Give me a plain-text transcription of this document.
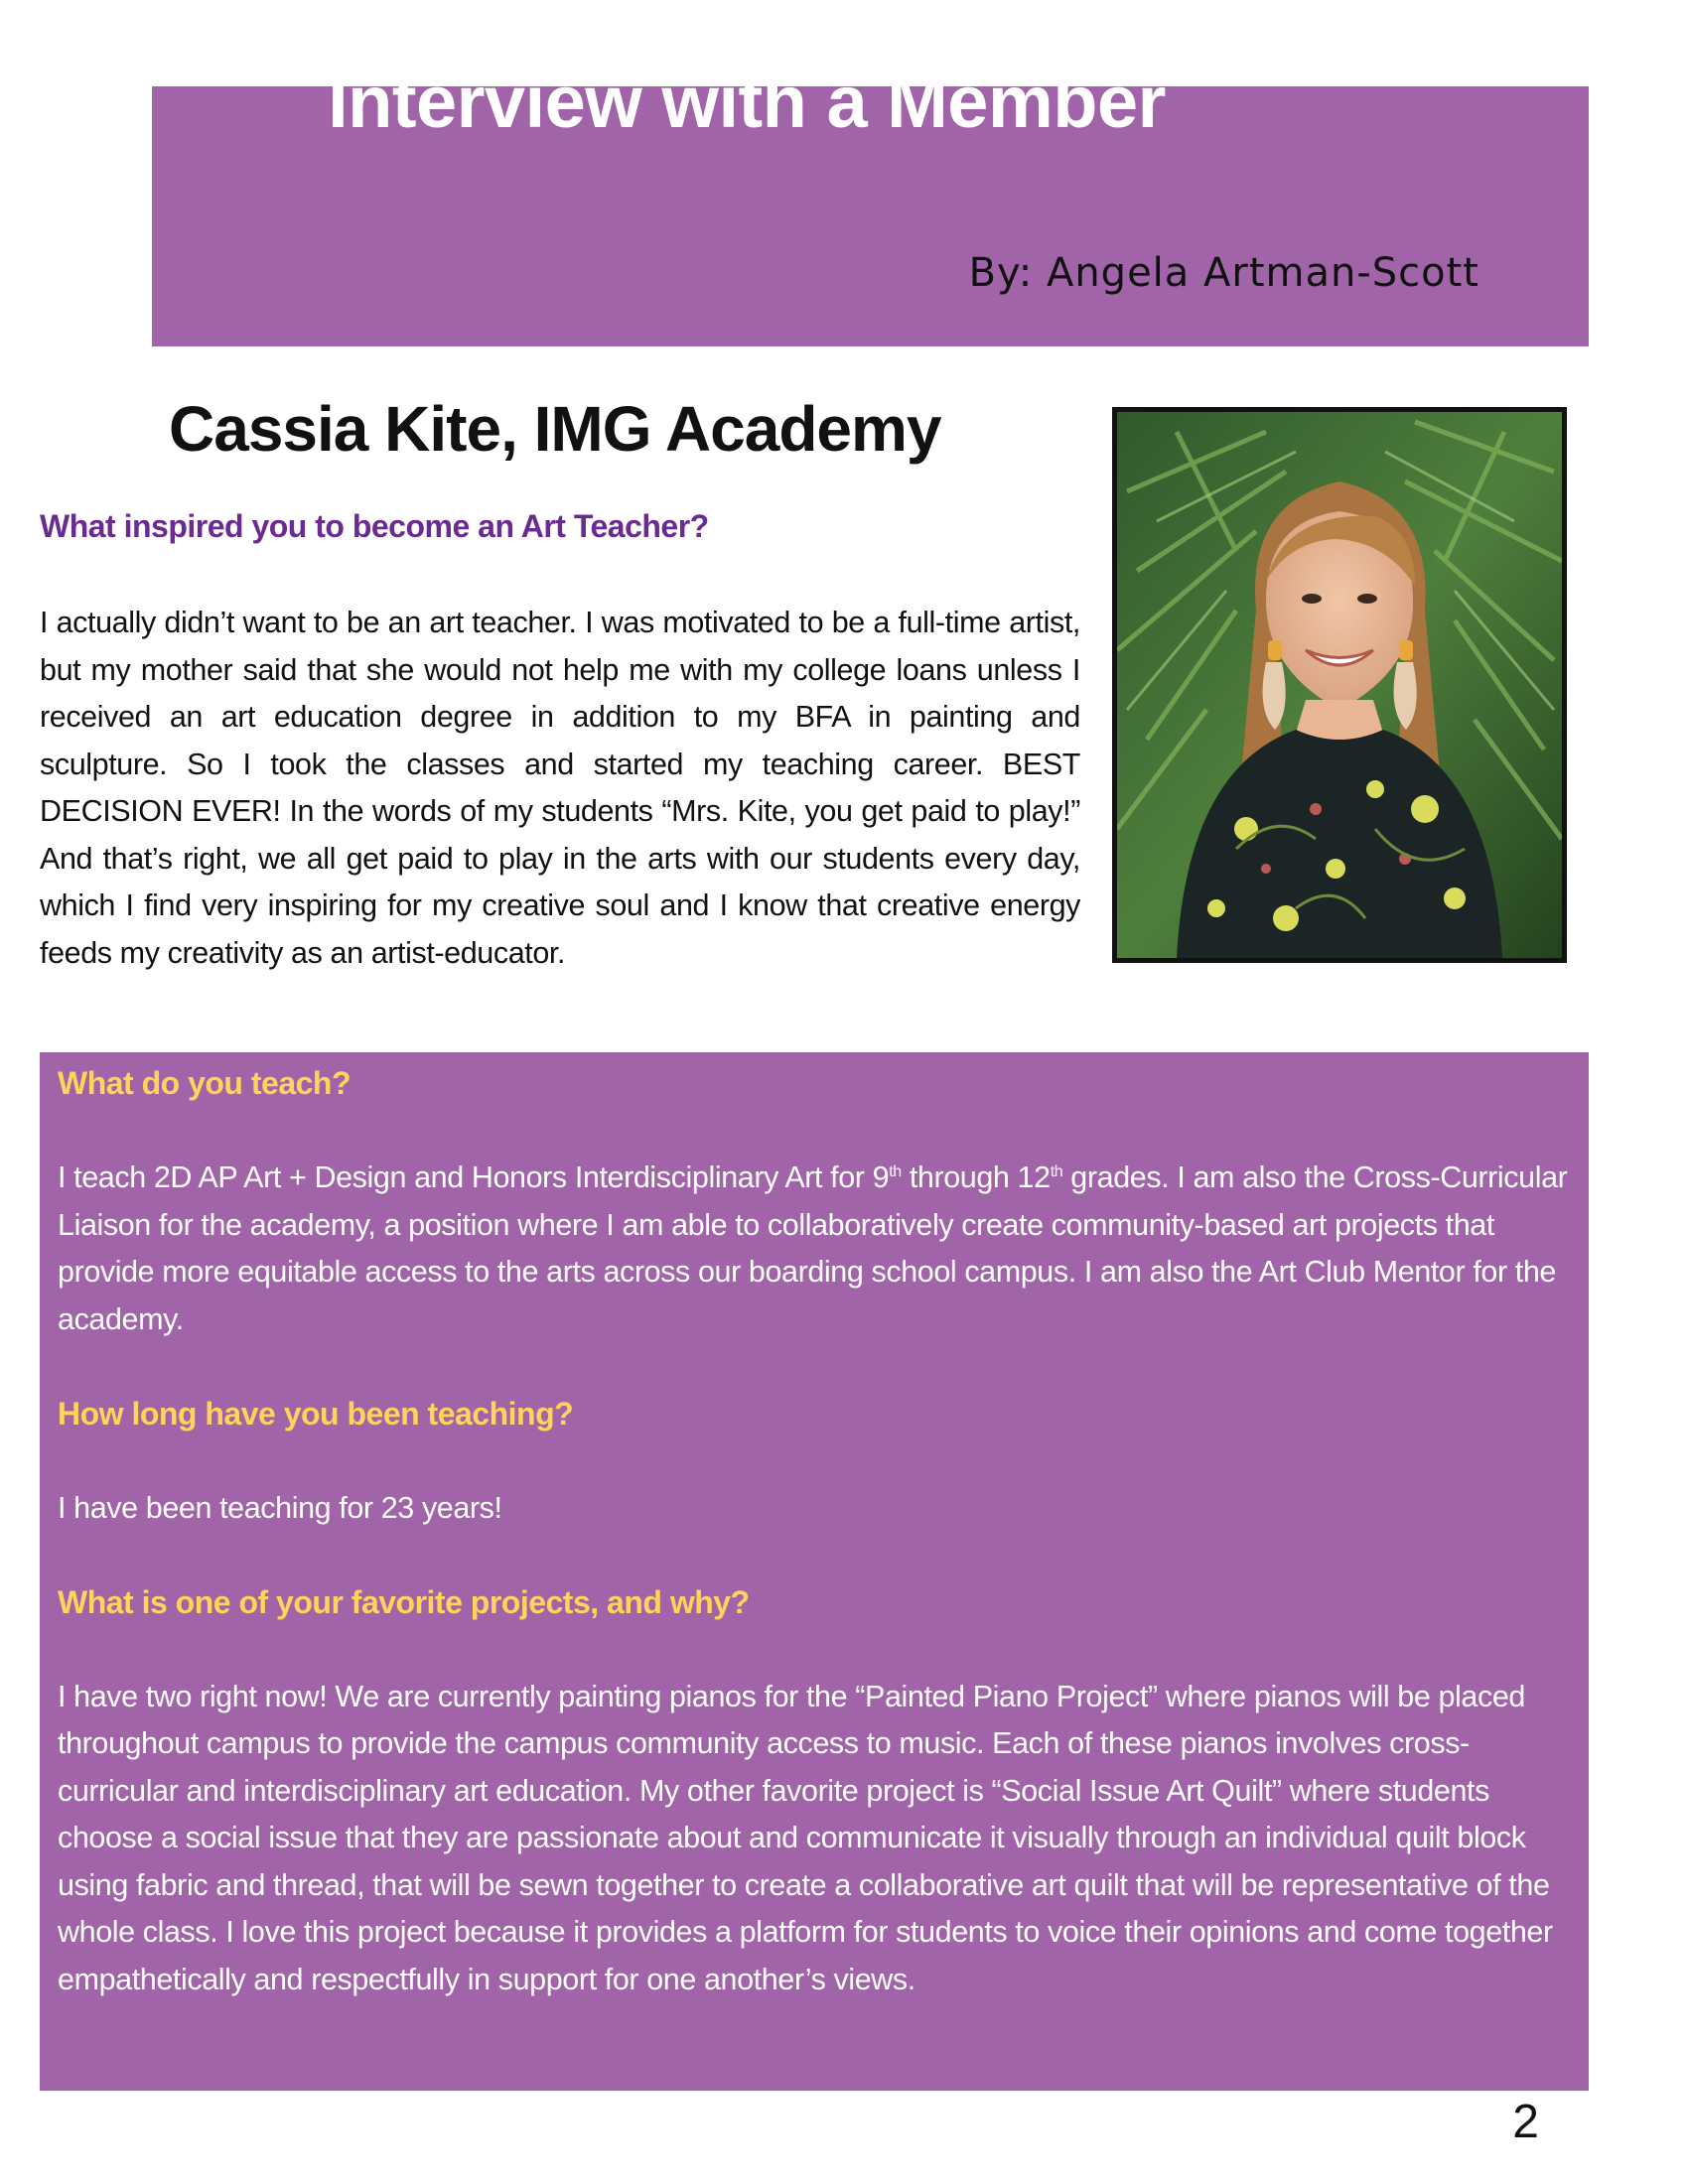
Interview with a Member

By: Angela Artman-Scott

Cassia Kite, IMG Academy

What inspired you to become an Art Teacher?

I actually didn’t want to be an art teacher. I was motivated to be a full-time artist, but my mother said that she would not help me with my college loans unless I received an art education degree in addition to my BFA in painting and sculpture. So I took the classes and started my teaching career. BEST DECISION EVER! In the words of my students “Mrs. Kite, you get paid to play!” And that’s right, we all get paid to play in the arts with our students every day, which I find very inspiring for my creative soul and I know that creative energy feeds my creativity as an artist-educator.

What do you teach?

I teach 2D AP Art + Design and Honors Interdisciplinary Art for 9th through 12th grades. I am also the Cross-Curricular Liaison for the academy, a position where I am able to collaboratively create community-based art projects that provide more equitable access to the arts across our boarding school campus. I am also the Art Club Mentor for the academy.

How long have you been teaching?

I have been teaching for 23 years!

What is one of your favorite projects, and why?

I have two right now! We are currently painting pianos for the “Painted Piano Project” where pianos will be placed throughout campus to provide the campus community access to music. Each of these pianos involves cross-curricular and interdisciplinary art education. My other favorite project is “Social Issue Art Quilt” where students choose a social issue that they are passionate about and communicate it visually through an individual quilt block using fabric and thread, that will be sewn together to create a collaborative art quilt that will be representative of the whole class. I love this project because it provides a platform for students to voice their opinions and come together empathetically and respectfully in support for one another’s views.

2
